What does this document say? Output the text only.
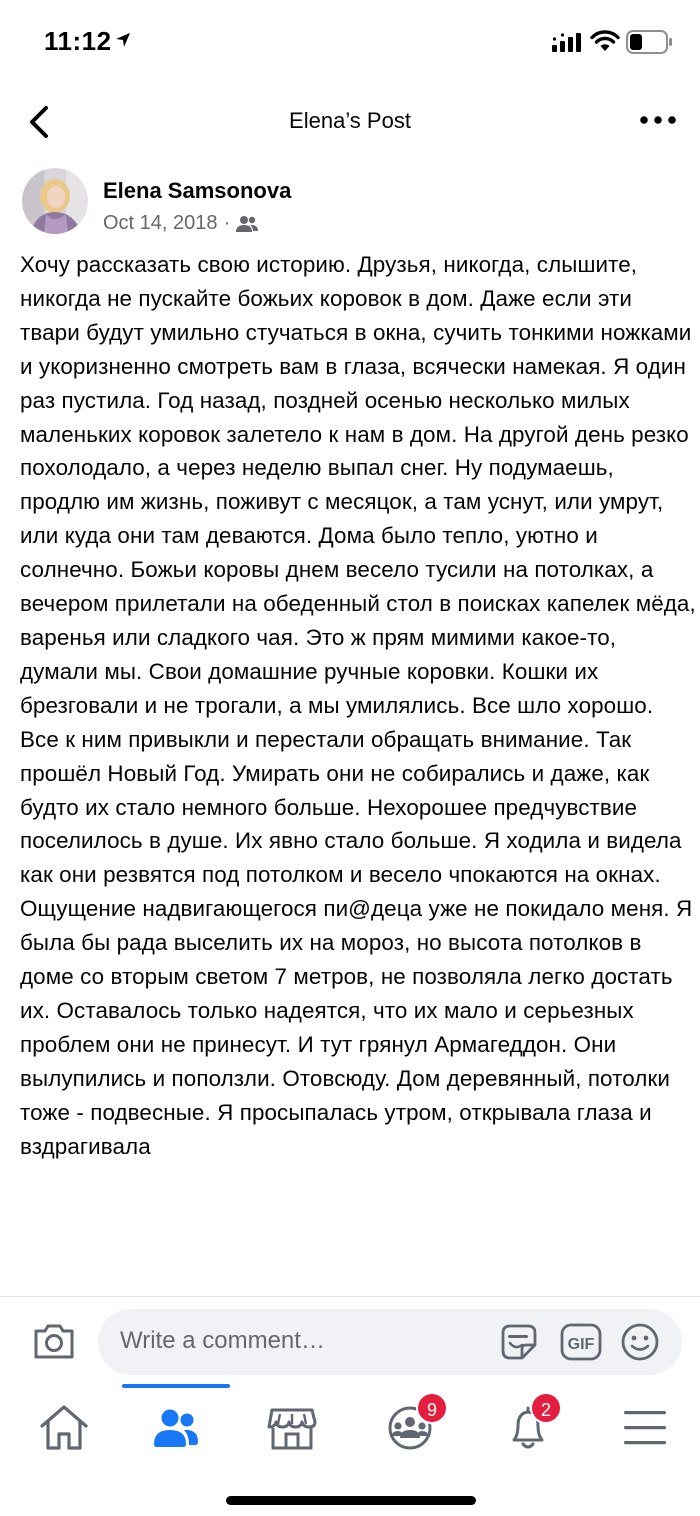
11:12
Elena’s Post
Elena Samsonova
Oct 14, 2018 ·
Хочу рассказать свою историю. Друзья, никогда, слышите, никогда не пускайте божьих коровок в дом. Даже если эти твари будут умильно стучаться в окна, сучить тонкими ножками и укоризненно смотреть вам в глаза, всячески намекая. Я один раз пустила. Год назад, поздней осенью несколько милых маленьких коровок залетело к нам в дом. На другой день резко похолодало, а через неделю выпал снег. Ну подумаешь, продлю им жизнь, поживут с месяцок, а там уснут, или умрут, или куда они там деваются. Дома было тепло, уютно и солнечно. Божьи коровы днем весело тусили на потолках, а вечером прилетали на обеденный стол в поисках капелек мёда, варенья или сладкого чая. Это ж прям мимими какое-то, думали мы. Свои домашние ручные коровки. Кошки их брезговали и не трогали, а мы умилялись. Все шло хорошо. Все к ним привыкли и перестали обращать внимание. Так прошёл Новый Год. Умирать они не собирались и даже, как будто их стало немного больше. Нехорошее предчувствие поселилось в душе. Их явно стало больше. Я ходила и видела как они резвятся под потолком и весело чпокаются на окнах. Ощущение надвигающегося пи@деца уже не покидало меня. Я была бы рада выселить их на мороз, но высота потолков в доме со вторым светом 7 метров, не позволяла легко достать их. Оставалось только надеятся, что их мало и серьезных проблем они не принесут. И тут грянул Армагеддон. Они вылупились и поползли. Отовсюду. Дом деревянный, потолки тоже - подвесные. Я просыпалась утром, открывала глаза и вздрагивала
Write a comment…	GIF
9	2
